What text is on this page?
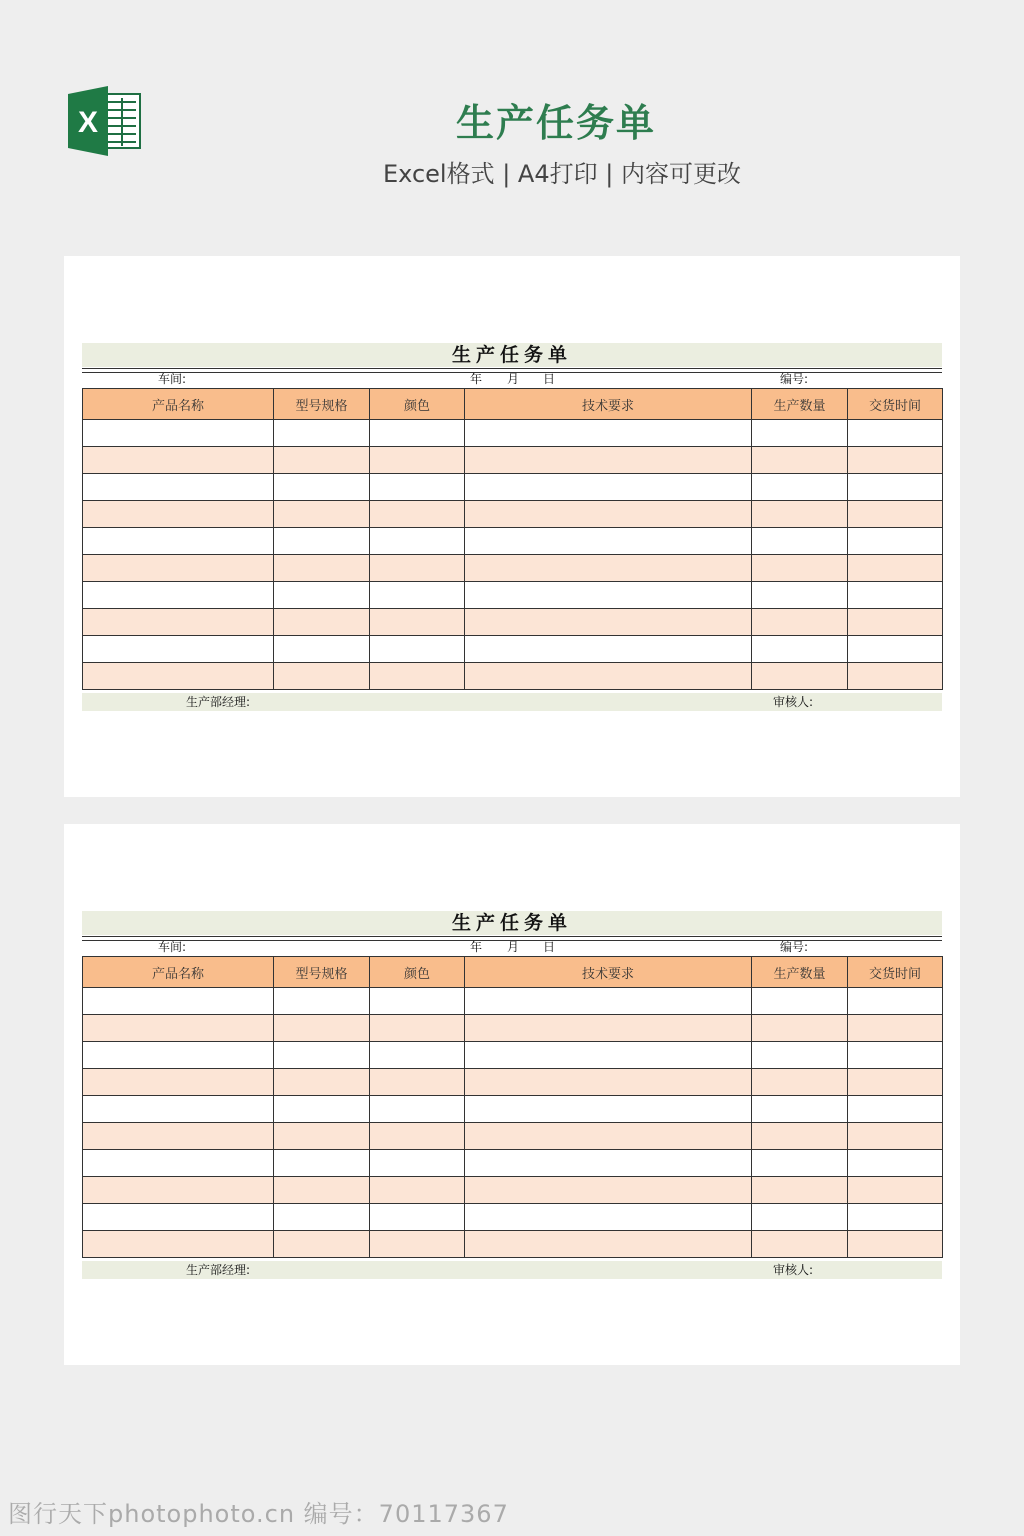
X	生产任务单
Excel格式 | A4打印 | 内容可更改
生产任务单
车间:	年 月 日	编号:
产品名称	型号规格	颜色	技术要求	生产数量	交货时间

生产部经理:	审核人:
生产任务单
车间:	年 月 日	编号:
产品名称	型号规格	颜色	技术要求	生产数量	交货时间

生产部经理:	审核人:
图行天下photophoto.cn 编号：70117367
